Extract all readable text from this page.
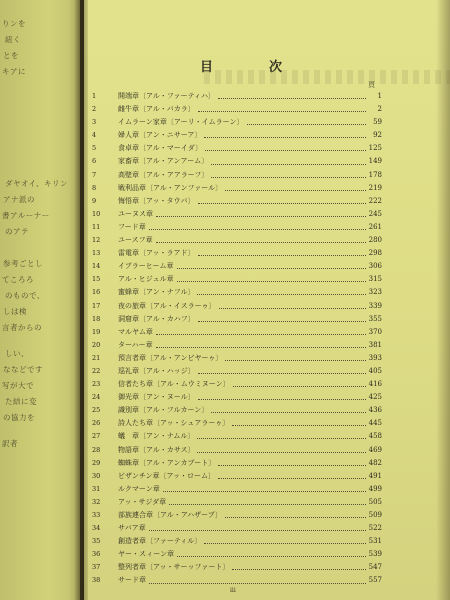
りンを
紐く
とを
キアに
ダヤオイ、キリン
アナ派の
書アルーナー
のアテ
参考ごとし
てころろ
のもので、
しは検
言者からの
しい、
ななどです
写が大で
た結に変
の協力を
訳者
目	次
頁
1	開端章〔アル・ファーティハ〕	1
2	雌牛章〔アル・バカラ〕	2
3	イムラーン家章〔アーリ・イムラーン〕	59
4	婦人章〔アン・ニサーア〕	92
5	食卓章〔アル・マーイダ〕	125
6	家畜章〔アル・アンアーム〕	149
7	高壁章〔アル・アアラーフ〕	178
8	戦利品章〔アル・アンファール〕	219
9	悔悟章〔アッ・タウバ〕	222
10	ユーヌス章	245
11	フード章	261
12	ユースフ章	280
13	雷電章〔アッ・ラアド〕	298
14	イブラーヒーム章	306
15	アル・ヒジュル章	315
16	蜜蜂章〔アン・ナフル〕	323
17	夜の旅章〔アル・イスラーゥ〕	339
18	洞窟章〔アル・カハフ〕	355
19	マルヤム章	370
20	ターハー章	381
21	預言者章〔アル・アンビヤーゥ〕	393
22	巡礼章〔アル・ハッジ〕	405
23	信者たち章〔アル・ムウミヌーン〕	416
24	御光章〔アン・ヌール〕	425
25	識別章〔アル・フルカーン〕	436
26	詩人たち章〔アッ・シュアラーゥ〕	445
27	蟻　章〔アン・ナムル〕	458
28	物語章〔アル・カサス〕	469
29	蜘蛛章〔アル・アンカブート〕	482
30	ビザンチン章〔アッ・ローム〕	491
31	ルクマーン章	499
32	アッ・サジダ章	505
33	部族連合章〔アル・アハザーブ〕	509
34	サバア章	522
35	創造者章〔ファーティル〕	531
36	ヤー・スィーン章	539
37	整列者章〔アッ・サーッファート〕	547
38	サード章	557
iii
